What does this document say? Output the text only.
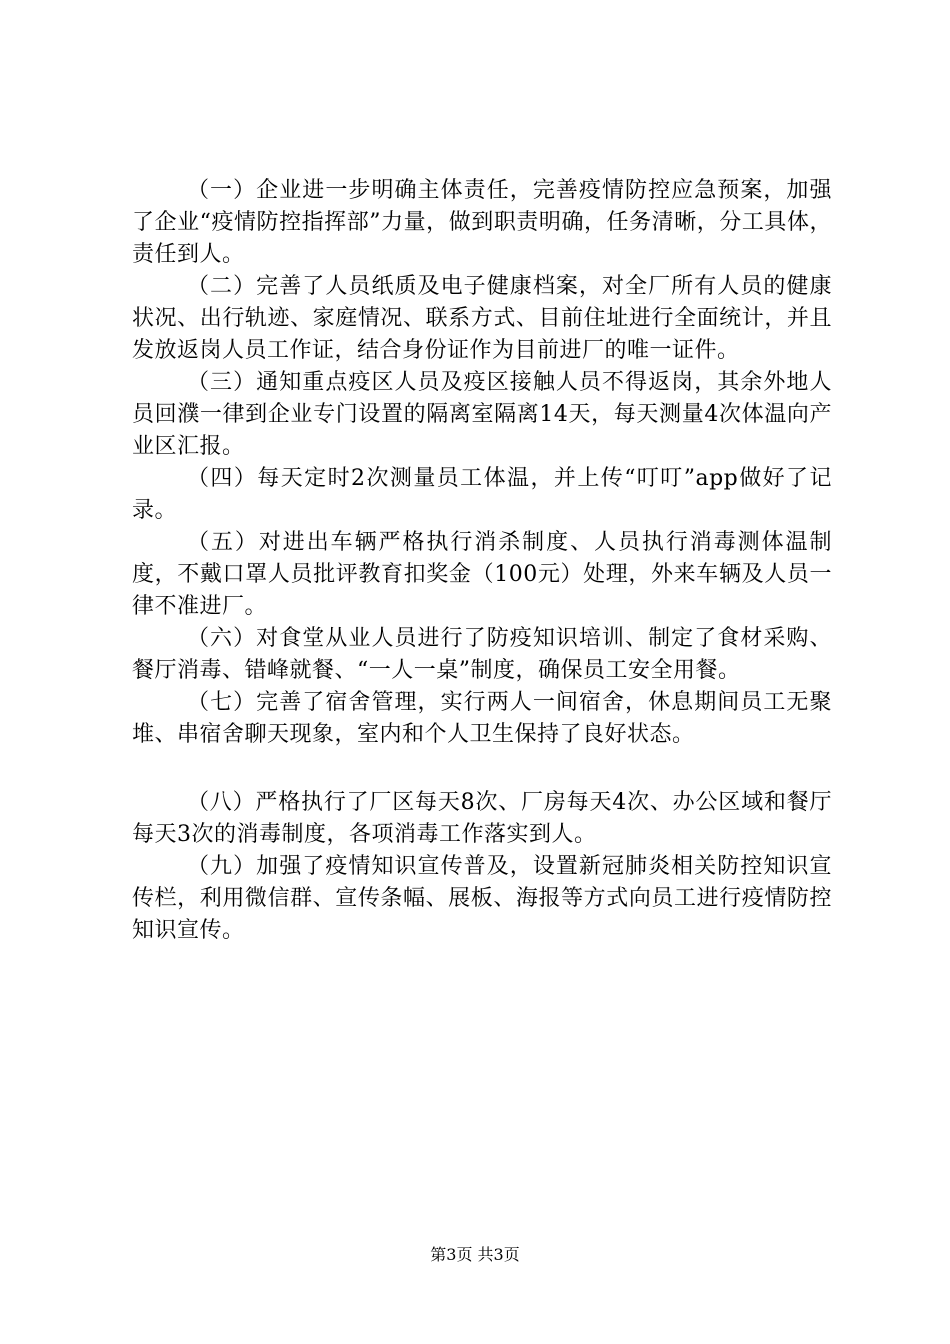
（一）企业进一步明确主体责任，完善疫情防控应急预案，加强了企业“疫情防控指挥部”力量，做到职责明确，任务清晰，分工具体，责任到人。

（二）完善了人员纸质及电子健康档案，对全厂所有人员的健康状况、出行轨迹、家庭情况、联系方式、目前住址进行全面统计，并且发放返岗人员工作证，结合身份证作为目前进厂的唯一证件。

（三）通知重点疫区人员及疫区接触人员不得返岗，其余外地人员回濮一律到企业专门设置的隔离室隔离14天，每天测量4次体温向产业区汇报。

（四）每天定时2次测量员工体温，并上传“叮叮”app做好了记录。

（五）对进出车辆严格执行消杀制度、人员执行消毒测体温制度，不戴口罩人员批评教育扣奖金（100元）处理，外来车辆及人员一律不准进厂。

（六）对食堂从业人员进行了防疫知识培训、制定了食材采购、餐厅消毒、错峰就餐、“一人一桌”制度，确保员工安全用餐。

（七）完善了宿舍管理，实行两人一间宿舍，休息期间员工无聚堆、串宿舍聊天现象，室内和个人卫生保持了良好状态。

（八）严格执行了厂区每天8次、厂房每天4次、办公区域和餐厅每天3次的消毒制度，各项消毒工作落实到人。

（九）加强了疫情知识宣传普及，设置新冠肺炎相关防控知识宣传栏，利用微信群、宣传条幅、展板、海报等方式向员工进行疫情防控知识宣传。

第3页 共3页
